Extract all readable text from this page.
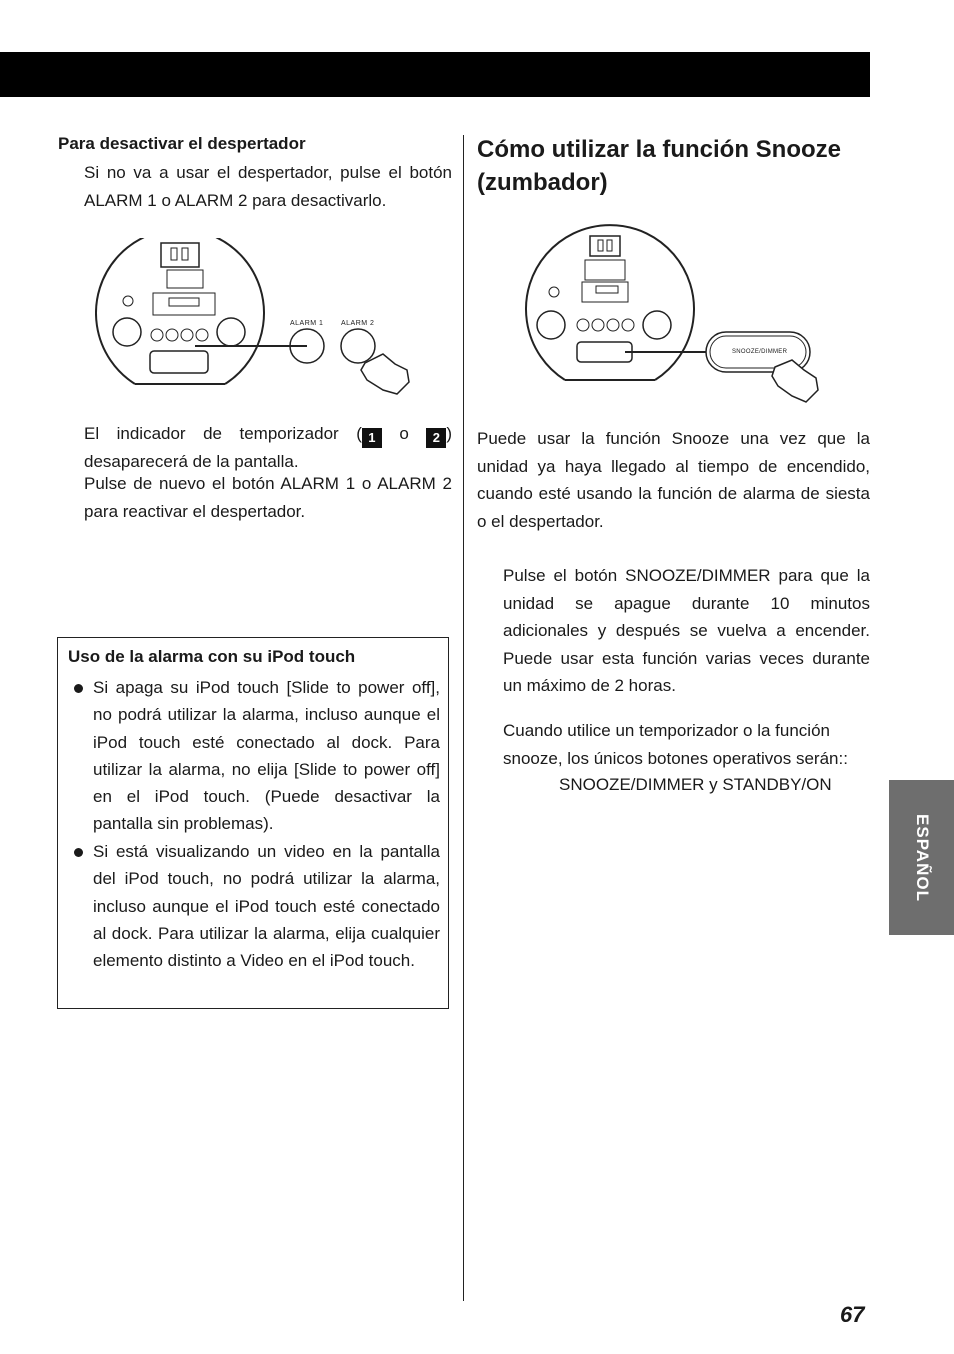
Para desactivar el despertador

Si no va a usar el despertador, pulse el botón ALARM 1 o ALARM 2 para desactivarlo.

ALARM 1	ALARM 2

El indicador de temporizador ( 1 o 2 ) desaparecerá de la pantalla.

Pulse de nuevo el botón ALARM 1 o ALARM 2 para reactivar el despertador.

Uso de la alarma con su iPod touch

Si apaga su iPod touch [Slide to power off], no podrá utilizar la alarma, incluso aunque el iPod touch esté conectado al dock. Para utilizar la alarma, no elija [Slide to power off] en el iPod touch. (Puede desactivar la pantalla sin problemas).

Si está visualizando un video en la pantalla del iPod touch, no podrá utilizar la alarma, incluso aunque el iPod touch esté conectado al dock. Para utilizar la alarma, elija cualquier elemento distinto a Video en el iPod touch.

Cómo utilizar la función Snooze (zumbador)
SNOOZE/DIMMER

Puede usar la función Snooze una vez que la unidad ya haya llegado al tiempo de encendido, cuando esté usando la función de alarma de siesta o el despertador.

Pulse el botón SNOOZE/DIMMER para que la unidad se apague durante 10 minutos adicionales y después se vuelva a encender. Puede usar esta función varias veces durante un máximo de 2 horas.

Cuando utilice un temporizador o la función snooze, los únicos botones operativos serán::

SNOOZE/DIMMER y STANDBY/ON

ESPAÑOL
67
